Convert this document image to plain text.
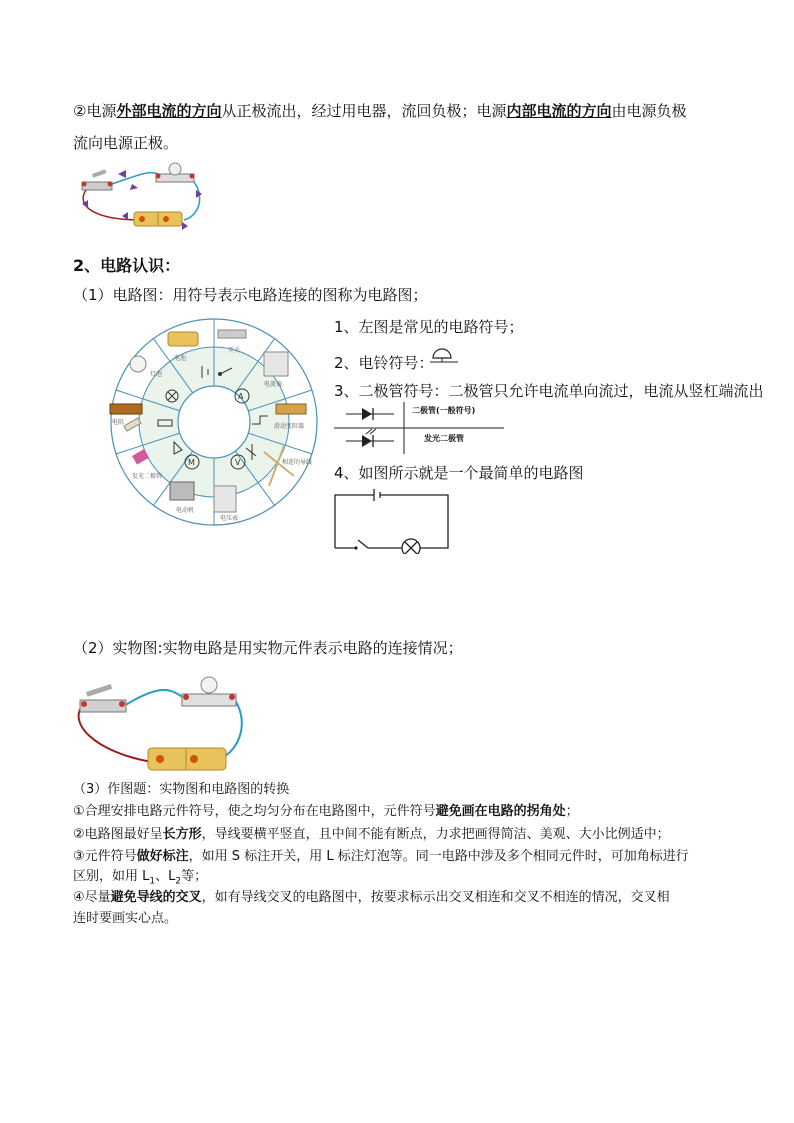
②电源外部电流的方向从正极流出，经过用电器，流回负极；电源内部电流的方向由电源负极
流向电源正极。
2、电路认识：
（1）电路图：用符号表示电路连接的图称为电路图；
A
V
M
电池
开关
电流表
滑动变阻器
相连的导线
电压表
电动机
发光二极管
电阻
灯泡
1、左图是常见的电路符号；
2、电铃符号：
3、二极管符号：二极管只允许电流单向流过，电流从竖杠端流出
二极管(一般符号)
发光二极管
4、如图所示就是一个最简单的电路图
（2）实物图:实物电路是用实物元件表示电路的连接情况；
（3）作图题：实物图和电路图的转换
①合理安排电路元件符号，使之均匀分布在电路图中，元件符号避免画在电路的拐角处；
②电路图最好呈长方形，导线要横平竖直，且中间不能有断点，力求把画得简洁、美观、大小比例适中；
③元件符号做好标注，如用 S 标注开关，用 L 标注灯泡等。同一电路中涉及多个相同元件时，可加角标进行
区别，如用 $L_1$、$L_2$等；
④尽量避免导线的交叉，如有导线交叉的电路图中，按要求标示出交叉相连和交叉不相连的情况，交叉相
连时要画实心点。
